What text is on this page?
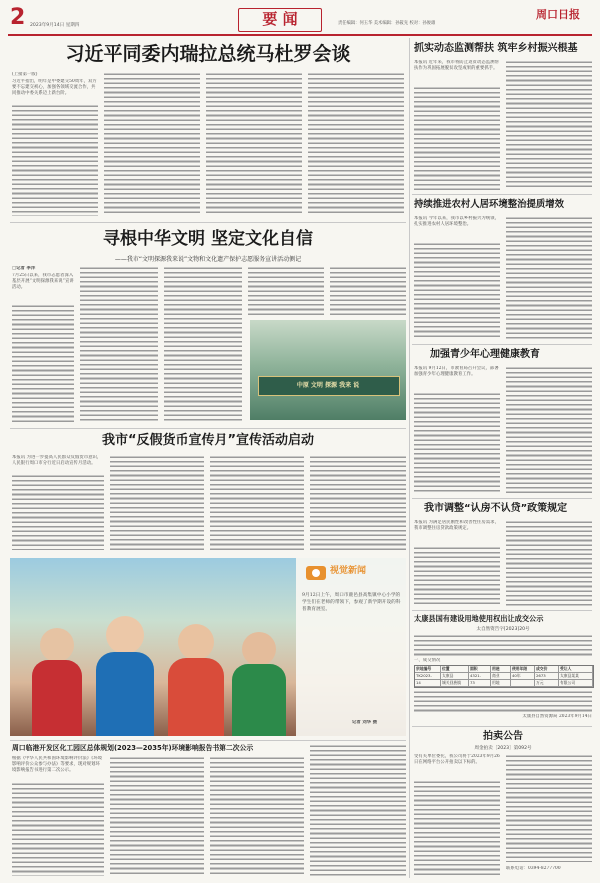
2 2023年9月14日 星期四	要 闻	责任编辑：何玉华 美术编辑：孙筱先 校对：孙俊雄
周口日报
习近平同委内瑞拉总统马杜罗会谈
(上接第一版)
习近平指出，明年是中委建交50周年，双方要不忘建交初心，加强各领域交流合作，共同推动中委关系迈上新台阶。
寻根中华文明 坚定文化自信
——我市“文明探源我来说”文物和文化遗产保护志愿服务宣讲活动侧记
□记者 李洋
7月25日以来，我市志愿者深入基层开展“文明探源我来说”宣讲活动。
中原 文明 探源 我来 说
我市“反假货币宣传月”宣传活动启动
本报讯 为进一步提高人民群众反假货币意识，人民银行周口市分行近日启动宣传月活动。
视觉新闻
9月12日上午，周口市鹿邑县高集镇中心小学的学生们在老师的带领下，参观了新学期开设的科普教育展室。
记者 刘华 摄
周口临港开发区化工园区总体规划(2023—2035年)环境影响报告书第二次公示
根据《中华人民共和国环境影响评价法》《环境影响评价公众参与办法》等要求，现对规划环境影响报告书进行第二次公示。
抓实动态监测帮扶 筑牢乡村振兴根基
本报讯 近年来，我市将防止返贫动态监测帮扶作为巩固拓展脱贫攻坚成果的重要抓手。
持续推进农村人居环境整治提质增效
本报讯 今年以来，我市以乡村振兴为统领，扎实推进农村人居环境整治。
加强青少年心理健康教育
本报讯 9月12日，市教育局召开会议，部署加强青少年心理健康教育工作。
我市调整“认房不认贷”政策规定
本报讯 为满足居民刚性和改善性住房需求，我市调整住房贷款政策规定。
太康县国有建设用地使用权出让成交公示
太自然资告字[2023]20号
一、成交情况
宗地编号	位置	面积	用途	使用年限	成交价	受让人
TK2023-	太康县	4321.	商业	40年	2673	太康县某某
14	城关回族镇	73	用地	万元	有限公司
太康县自然资源局 2023年9月14日
拍卖公告
周金拍卖［2023］第092号
受有关单位委托，我公司将于2023年9月26日在网络平台公开拍卖以下标的。
联系电话：0394-8277700
